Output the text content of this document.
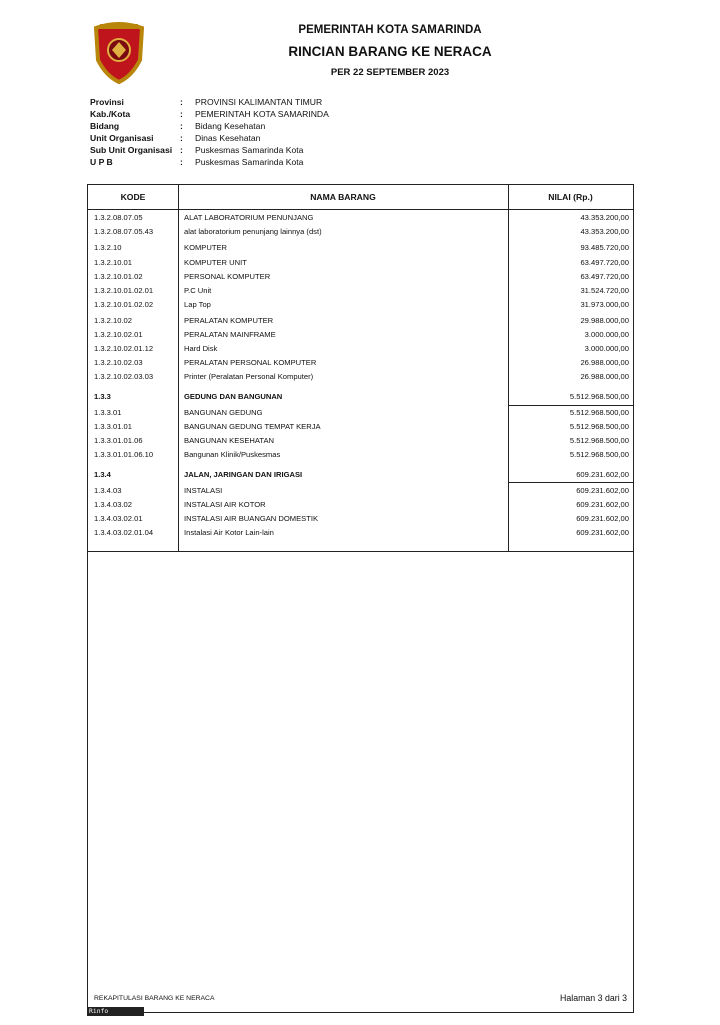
PEMERINTAH KOTA SAMARINDA
RINCIAN BARANG KE NERACA
PER 22 SEPTEMBER 2023
Provinsi	:	PROVINSI KALIMANTAN TIMUR
Kab./Kota	:	PEMERINTAH KOTA SAMARINDA
Bidang	:	Bidang Kesehatan
Unit Organisasi	:	Dinas Kesehatan
Sub Unit Organisasi :	Puskesmas Samarinda Kota
U P B	:	Puskesmas Samarinda Kota
KODE	NAMA BARANG	NILAI (Rp.)
1.3.2.08.07.05	ALAT LABORATORIUM PENUNJANG	43.353.200,00
1.3.2.08.07.05.43	alat laboratorium penunjang lainnya (dst)	43.353.200,00
1.3.2.10	KOMPUTER	93.485.720,00
1.3.2.10.01	KOMPUTER UNIT	63.497.720,00
1.3.2.10.01.02	PERSONAL KOMPUTER	63.497.720,00
1.3.2.10.01.02.01	P.C Unit	31.524.720,00
1.3.2.10.01.02.02	Lap Top	31.973.000,00
1.3.2.10.02	PERALATAN KOMPUTER	29.988.000,00
1.3.2.10.02.01	PERALATAN MAINFRAME	3.000.000,00
1.3.2.10.02.01.12	Hard Disk	3.000.000,00
1.3.2.10.02.03	PERALATAN PERSONAL KOMPUTER	26.988.000,00
1.3.2.10.02.03.03	Printer (Peralatan Personal Komputer)	26.988.000,00
1.3.3	GEDUNG DAN BANGUNAN	5.512.968.500,00
1.3.3.01	BANGUNAN GEDUNG	5.512.968.500,00
1.3.3.01.01	BANGUNAN GEDUNG TEMPAT KERJA	5.512.968.500,00
1.3.3.01.01.06	BANGUNAN KESEHATAN	5.512.968.500,00
1.3.3.01.01.06.10	Bangunan Klinik/Puskesmas	5.512.968.500,00
1.3.4	JALAN, JARINGAN DAN IRIGASI	609.231.602,00
1.3.4.03	INSTALASI	609.231.602,00
1.3.4.03.02	INSTALASI AIR KOTOR	609.231.602,00
1.3.4.03.02.01	INSTALASI AIR BUANGAN DOMESTIK	609.231.602,00
1.3.4.03.02.01.04	Instalasi Air Kotor Lain-lain	609.231.602,00
REKAPITULASI BARANG KE NERACA	Halaman 3 dari 3
Rinfo 14.5.11.3
